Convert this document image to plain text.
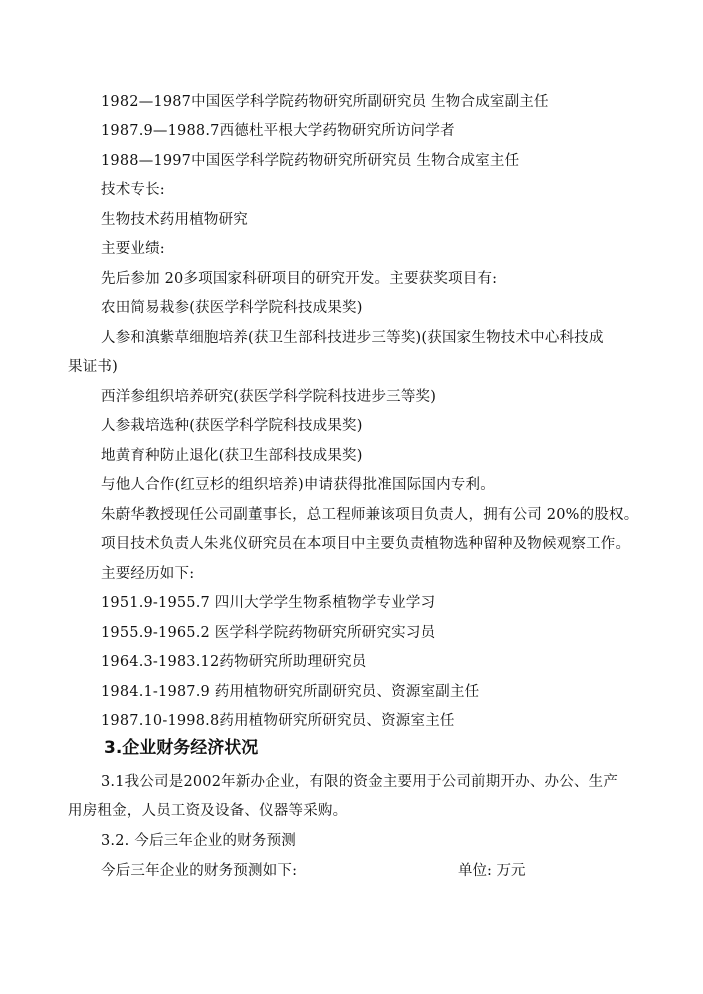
1982—1987中国医学科学院药物研究所副研究员 生物合成室副主任
1987.9—1988.7西德杜平根大学药物研究所访问学者
1988—1997中国医学科学院药物研究所研究员 生物合成室主任
技术专长:
生物技术药用植物研究
主要业绩:
先后参加 20多项国家科研项目的研究开发。主要获奖项目有:
农田简易栽参(获医学科学院科技成果奖)
人参和滇紫草细胞培养(获卫生部科技进步三等奖)(获国家生物技术中心科技成
果证书)
西洋参组织培养研究(获医学科学院科技进步三等奖)
人参栽培选种(获医学科学院科技成果奖)
地黄育种防止退化(获卫生部科技成果奖)
与他人合作(红豆杉的组织培养)申请获得批准国际国内专利。
朱蔚华教授现任公司副董事长，总工程师兼该项目负责人，拥有公司 20%的股权。
项目技术负责人朱兆仪研究员在本项目中主要负责植物选种留种及物候观察工作。
主要经历如下:
1951.9-1955.7 四川大学学生物系植物学专业学习
1955.9-1965.2 医学科学院药物研究所研究实习员
1964.3-1983.12药物研究所助理研究员
1984.1-1987.9 药用植物研究所副研究员、资源室副主任
1987.10-1998.8药用植物研究所研究员、资源室主任
3.企业财务经济状况
3.1我公司是2002年新办企业，有限的资金主要用于公司前期开办、办公、生产
用房租金，人员工资及设备、仪器等采购。
3.2. 今后三年企业的财务预测
今后三年企业的财务预测如下:	单位: 万元
